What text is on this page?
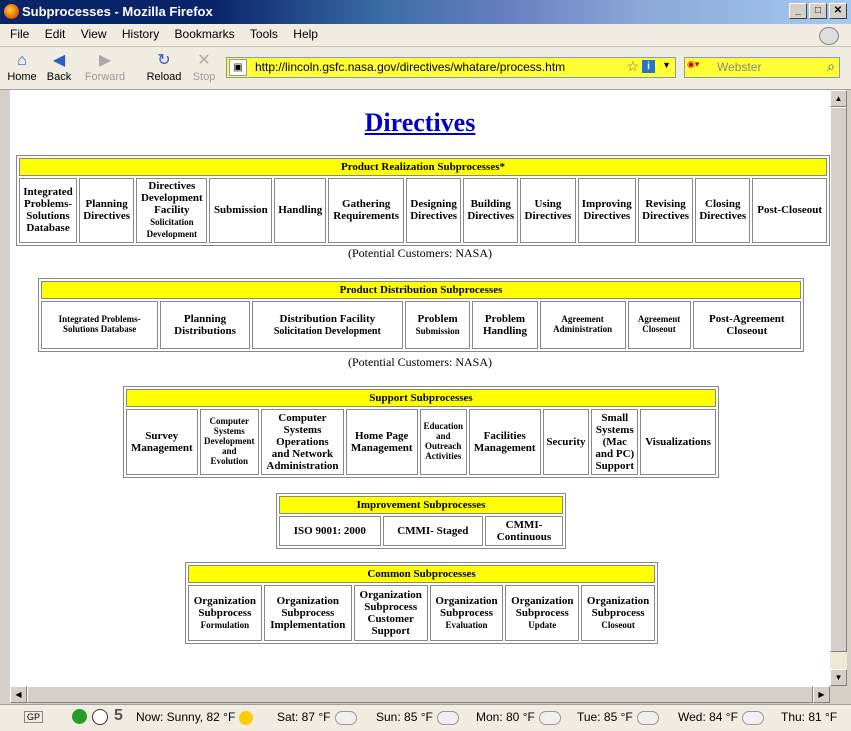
Subprocesses - Mozilla Firefox	_	□	✕
File Edit View History Bookmarks Tools Help
⌂
Home
◀
Back
▶
Forward
↻
Reload
✕
Stop
▣	http://lincoln.gsfc.nasa.gov/directives/whatare/process.htm	☆ i	▼ ◉▾	Webster	⌕
Directives
Product Realization Subprocesses*
Integrated
Problems-
Solutions
Database	Planning
Directives	Directives
Development
Facility
Solicitation
Development	Submission	Handling	Gathering
Requirements	Designing
Directives	Building
Directives	Using
Directives	Improving
Directives	Revising
Directives	Closing
Directives	Post-Closeout
(Potential Customers: NASA)
Product Distribution Subprocesses
Integrated Problems-
Solutions Database	Planning
Distributions	Distribution Facility
Solicitation Development	Problem
Submission	Problem
Handling	Agreement
Administration	Agreement
Closeout	Post-Agreement
Closeout
(Potential Customers: NASA)
Support Subprocesses
Survey
Management	Computer
Systems
Development
and
Evolution	Computer
Systems
Operations
and Network
Administration	Home Page
Management	Education
and
Outreach
Activities	Facilities
Management	Security	Small
Systems
(Mac
and PC)
Support	Visualizations
Improvement Subprocesses
ISO 9001: 2000	CMMI- Staged	CMMI-
Continuous
Common Subprocesses
Organization
Subprocess
Formulation	Organization
Subprocess
Implementation	Organization
Subprocess
Customer
Support	Organization
Subprocess
Evaluation	Organization
Subprocess
Update	Organization
Subprocess
Closeout
▲
▼
◀	▶
GP	5 Now: Sunny, 82 °F	Sat: 87 °F	Sun: 85 °F	Mon: 80 °F	Tue: 85 °F	Wed: 84 °F	Thu: 81 °F
